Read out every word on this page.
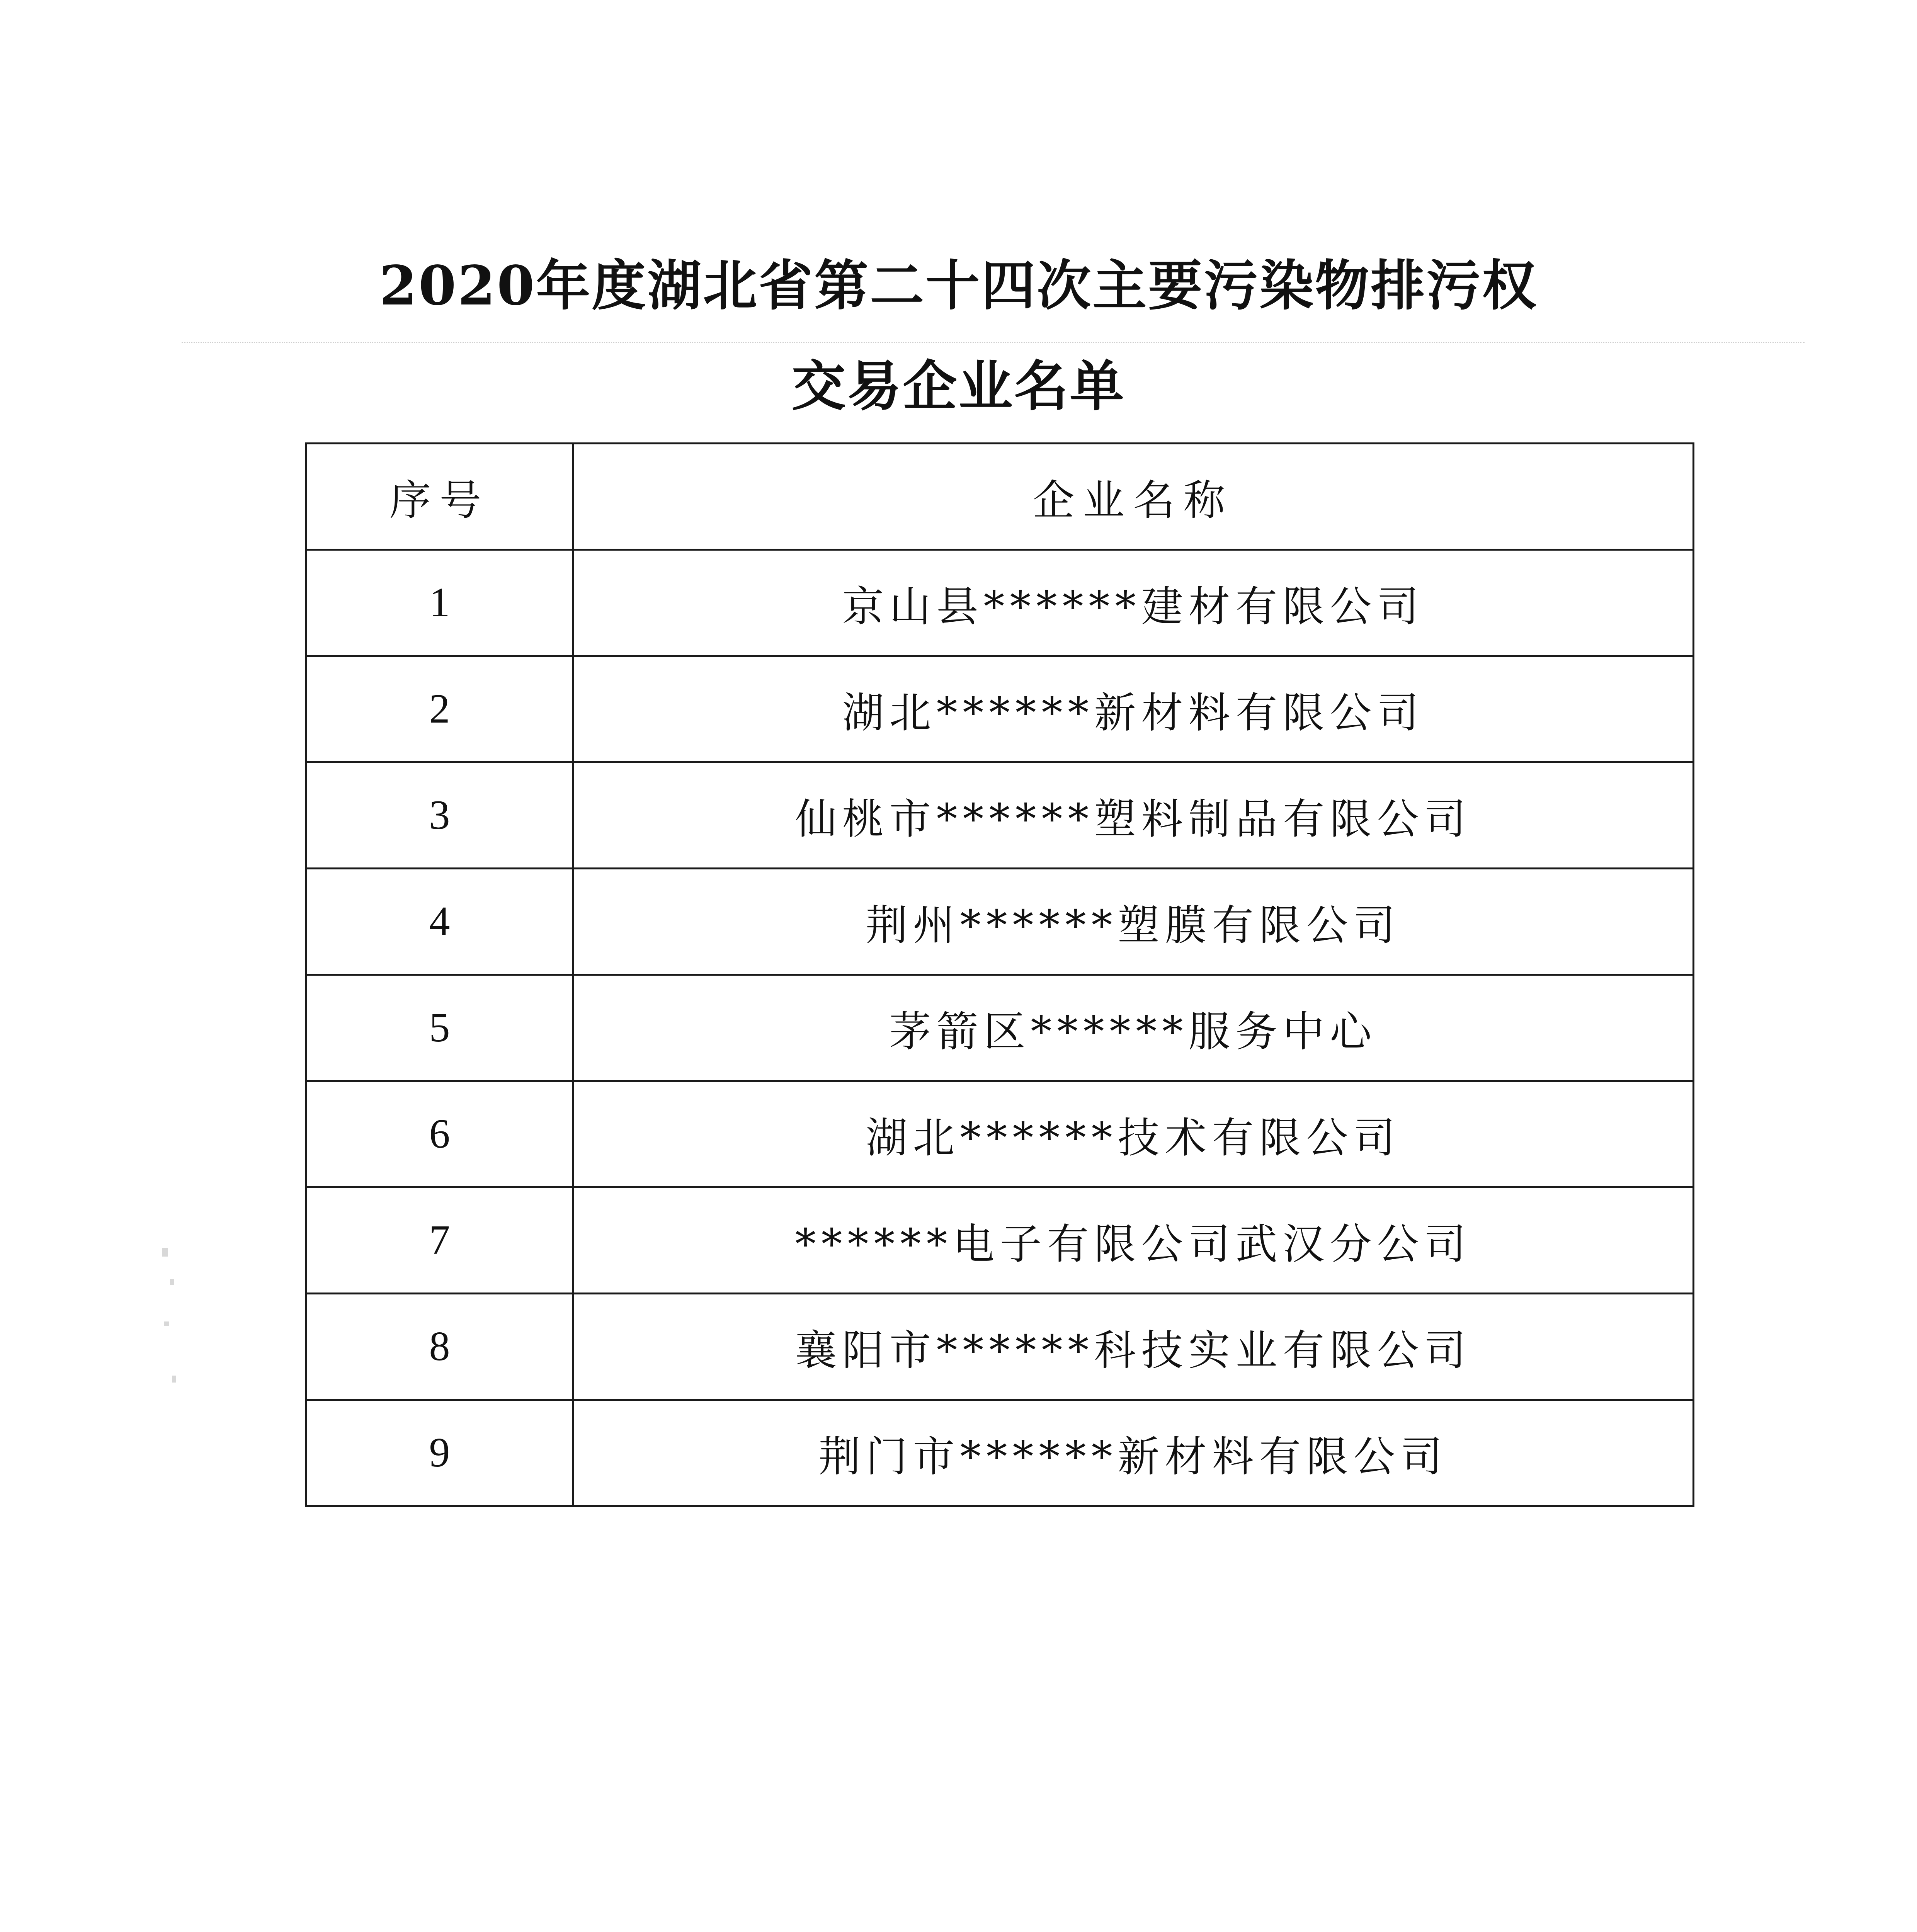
2020年度湖北省第二十四次主要污染物排污权
交易企业名单
序号	企业名称
1	京山县******建材有限公司
2	湖北******新材料有限公司
3	仙桃市******塑料制品有限公司
4	荆州******塑膜有限公司
5	茅箭区******服务中心
6	湖北******技术有限公司
7	******电子有限公司武汉分公司
8	襄阳市******科技实业有限公司
9	荆门市******新材料有限公司
